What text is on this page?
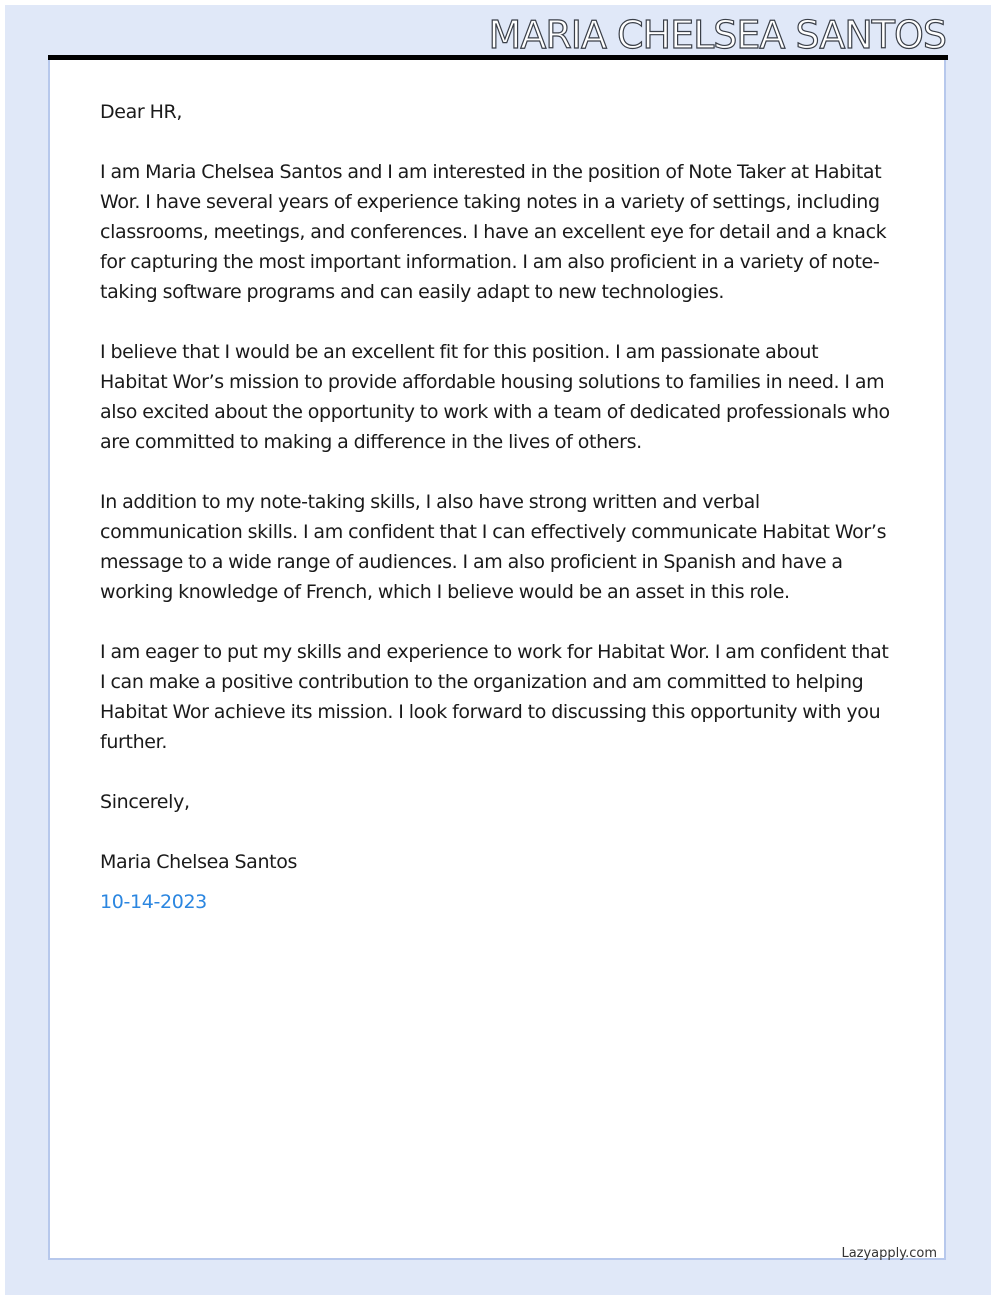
MARIA CHELSEA SANTOS

Dear HR,

I am Maria Chelsea Santos and I am interested in the position of Note Taker at Habitat Wor. I have several years of experience taking notes in a variety of settings, including classrooms, meetings, and conferences. I have an excellent eye for detail and a knack for capturing the most important information. I am also proficient in a variety of note-taking software programs and can easily adapt to new technologies.

I believe that I would be an excellent fit for this position. I am passionate about Habitat Wor’s mission to provide affordable housing solutions to families in need. I am also excited about the opportunity to work with a team of dedicated professionals who are committed to making a difference in the lives of others.

In addition to my note-taking skills, I also have strong written and verbal communication skills. I am confident that I can effectively communicate Habitat Wor’s message to a wide range of audiences. I am also proficient in Spanish and have a working knowledge of French, which I believe would be an asset in this role.

I am eager to put my skills and experience to work for Habitat Wor. I am confident that I can make a positive contribution to the organization and am committed to helping Habitat Wor achieve its mission. I look forward to discussing this opportunity with you further.

Sincerely,

Maria Chelsea Santos

10-14-2023

Lazyapply.com
